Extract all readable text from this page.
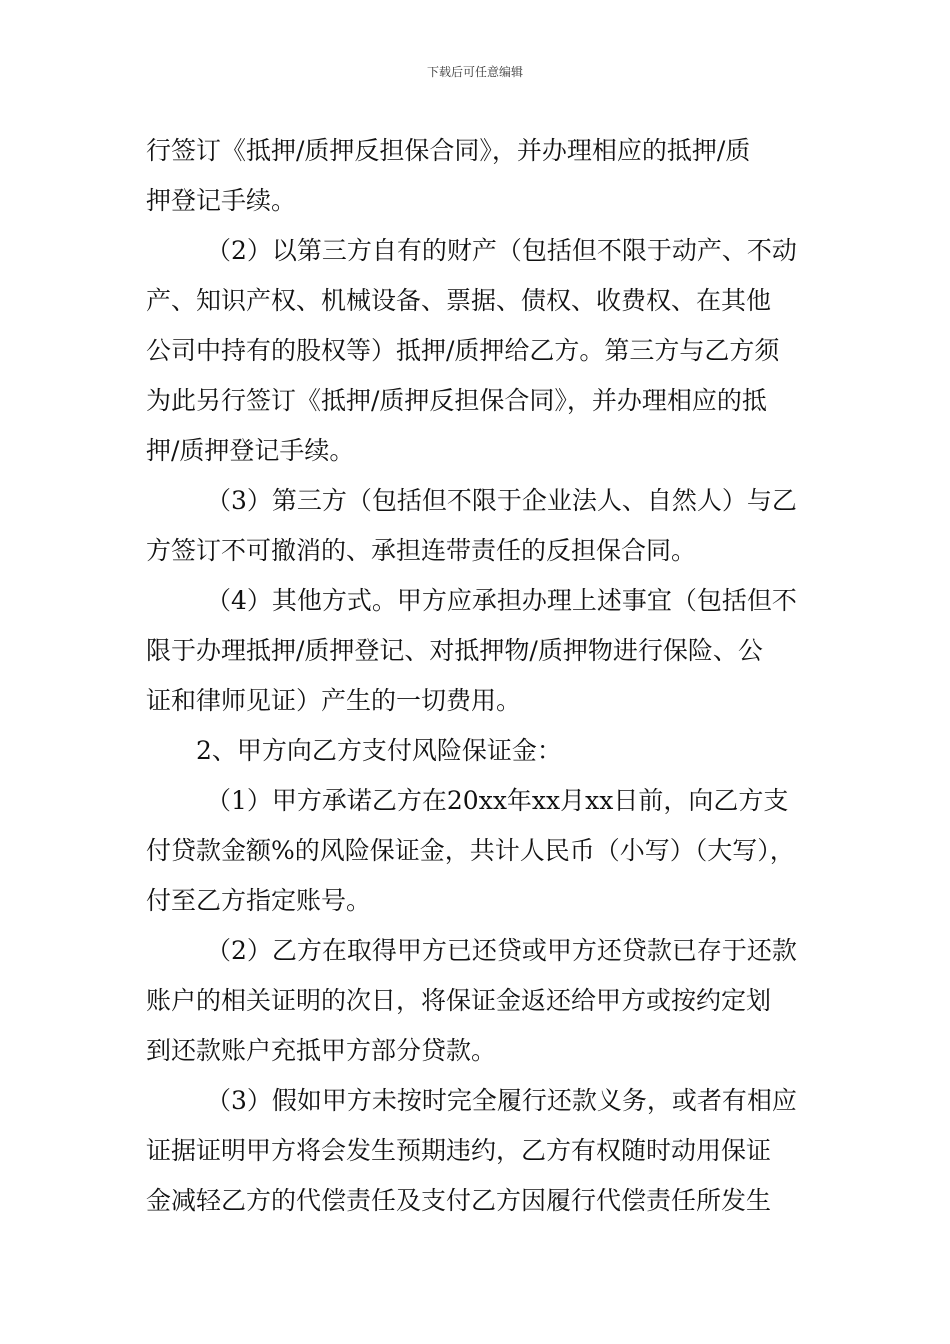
下载后可任意编辑
行签订《抵押/质押反担保合同》，并办理相应的抵押/质
押登记手续。
（2）以第三方自有的财产（包括但不限于动产、不动
产、知识产权、机械设备、票据、债权、收费权、在其他
公司中持有的股权等）抵押/质押给乙方。第三方与乙方须
为此另行签订《抵押/质押反担保合同》，并办理相应的抵
押/质押登记手续。
（3）第三方（包括但不限于企业法人、自然人）与乙
方签订不可撤消的、承担连带责任的反担保合同。
（4）其他方式。甲方应承担办理上述事宜（包括但不
限于办理抵押/质押登记、对抵押物/质押物进行保险、公
证和律师见证）产生的一切费用。
2、甲方向乙方支付风险保证金：
（1）甲方承诺乙方在20xx年xx月xx日前，向乙方支
付贷款金额%的风险保证金，共计人民币（小写）（大写），
付至乙方指定账号。
（2）乙方在取得甲方已还贷或甲方还贷款已存于还款
账户的相关证明的次日，将保证金返还给甲方或按约定划
到还款账户充抵甲方部分贷款。
（3）假如甲方未按时完全履行还款义务，或者有相应
证据证明甲方将会发生预期违约，乙方有权随时动用保证
金减轻乙方的代偿责任及支付乙方因履行代偿责任所发生
